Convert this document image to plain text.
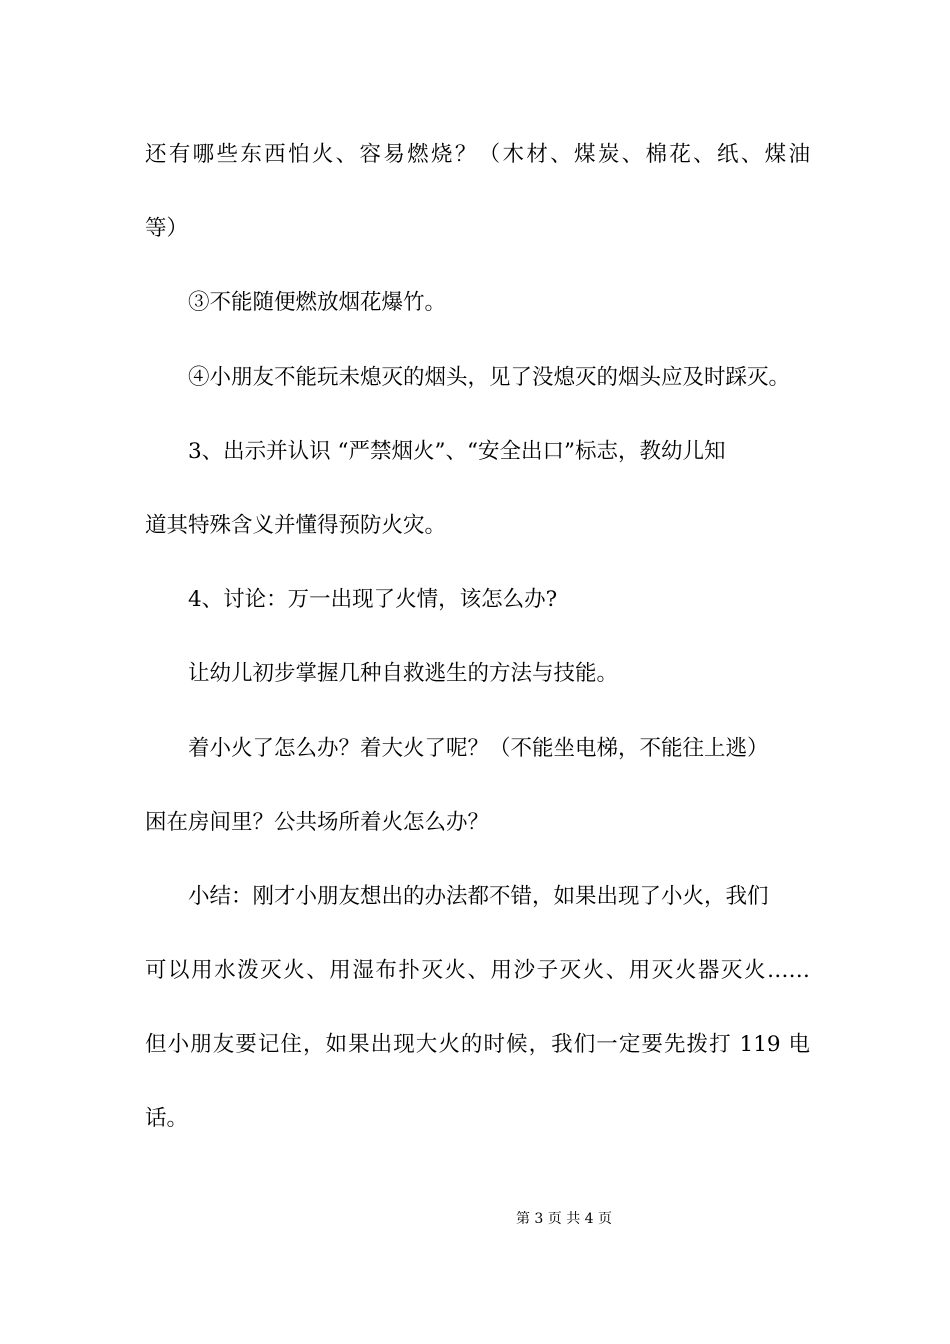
还有哪些东西怕火、容易燃烧？（木材、煤炭、棉花、纸、煤油
等）
③不能随便燃放烟花爆竹。
④小朋友不能玩未熄灭的烟头，见了没熄灭的烟头应及时踩灭。
3、出示并认识 “严禁烟火”、“安全出口”标志，教幼儿知
道其特殊含义并懂得预防火灾。
4、讨论：万一出现了火情，该怎么办?
让幼儿初步掌握几种自救逃生的方法与技能。
着小火了怎么办？着大火了呢？（不能坐电梯，不能往上逃）
困在房间里？公共场所着火怎么办？
小结：刚才小朋友想出的办法都不错，如果出现了小火，我们
可以用水泼灭火、用湿布扑灭火、用沙子灭火、用灭火器灭火……
但小朋友要记住，如果出现大火的时候，我们一定要先拨打 119 电
话。
第 3 页 共 4 页
